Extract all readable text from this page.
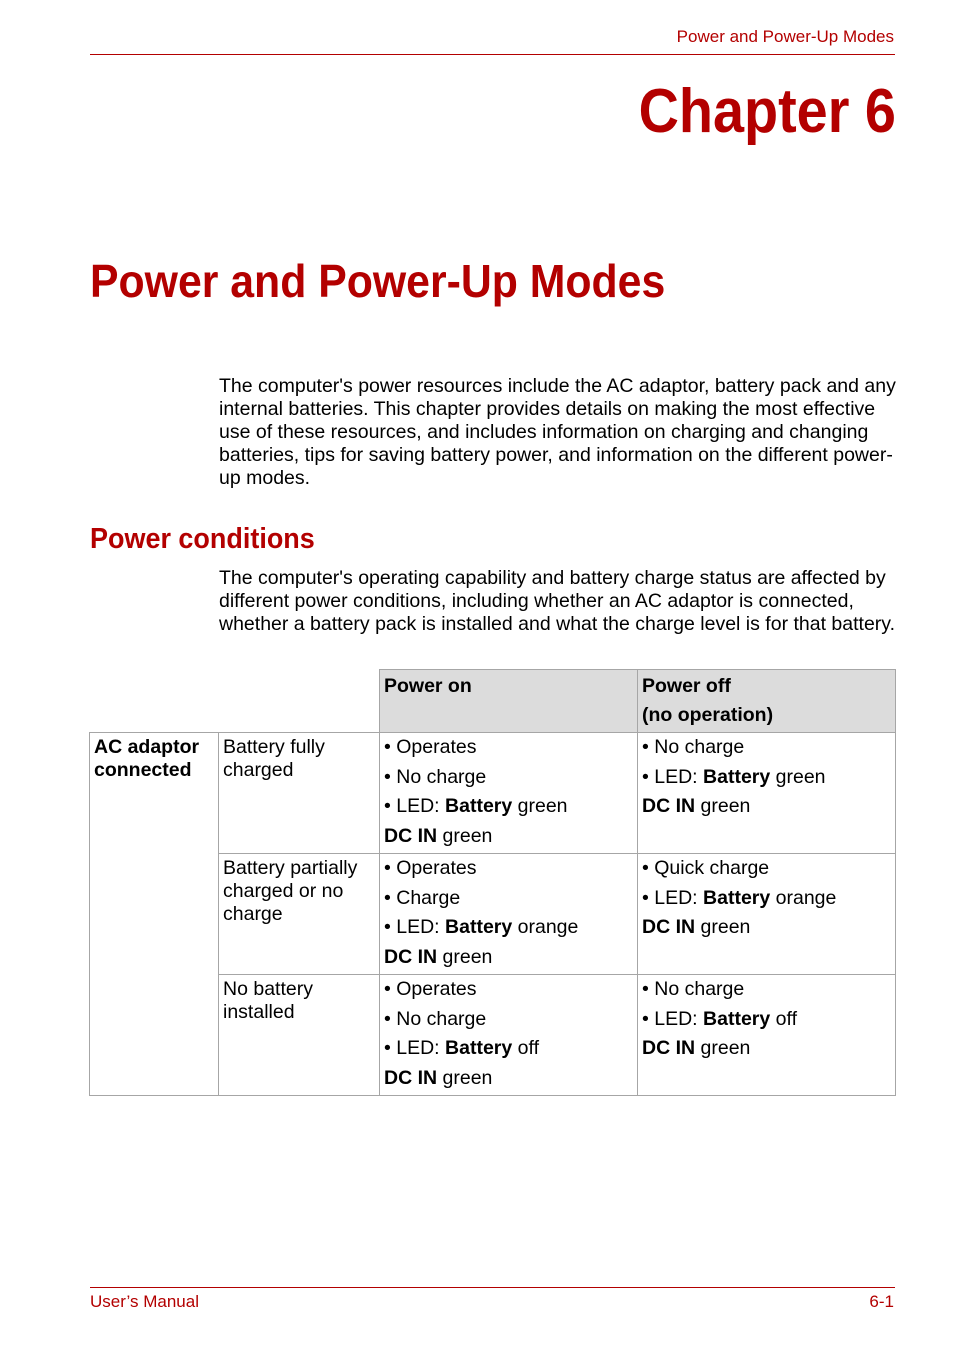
Power and Power-Up Modes
Chapter 6
Power and Power-Up Modes

The computer's power resources include the AC adaptor, battery pack and any internal batteries. This chapter provides details on making the most effective use of these resources, and includes information on charging and changing batteries, tips for saving battery power, and information on the different power-up modes.

Power conditions

The computer's operating capability and battery charge status are affected by different power conditions, including whether an AC adaptor is connected, whether a battery pack is installed and what the charge level is for that battery.

		Power on	Power off
(no operation)

AC adaptor
connected	Battery fully charged	• Operates
• No charge
• LED: Battery green
DC IN green	• No charge
• LED: Battery green
DC IN green

	Battery partially charged or no charge	• Operates
• Charge
• LED: Battery orange
DC IN green	• Quick charge
• LED: Battery orange
DC IN green

	No battery installed	• Operates
• No charge
• LED: Battery off
DC IN green	• No charge
• LED: Battery off
DC IN green
User’s Manual	6-1
